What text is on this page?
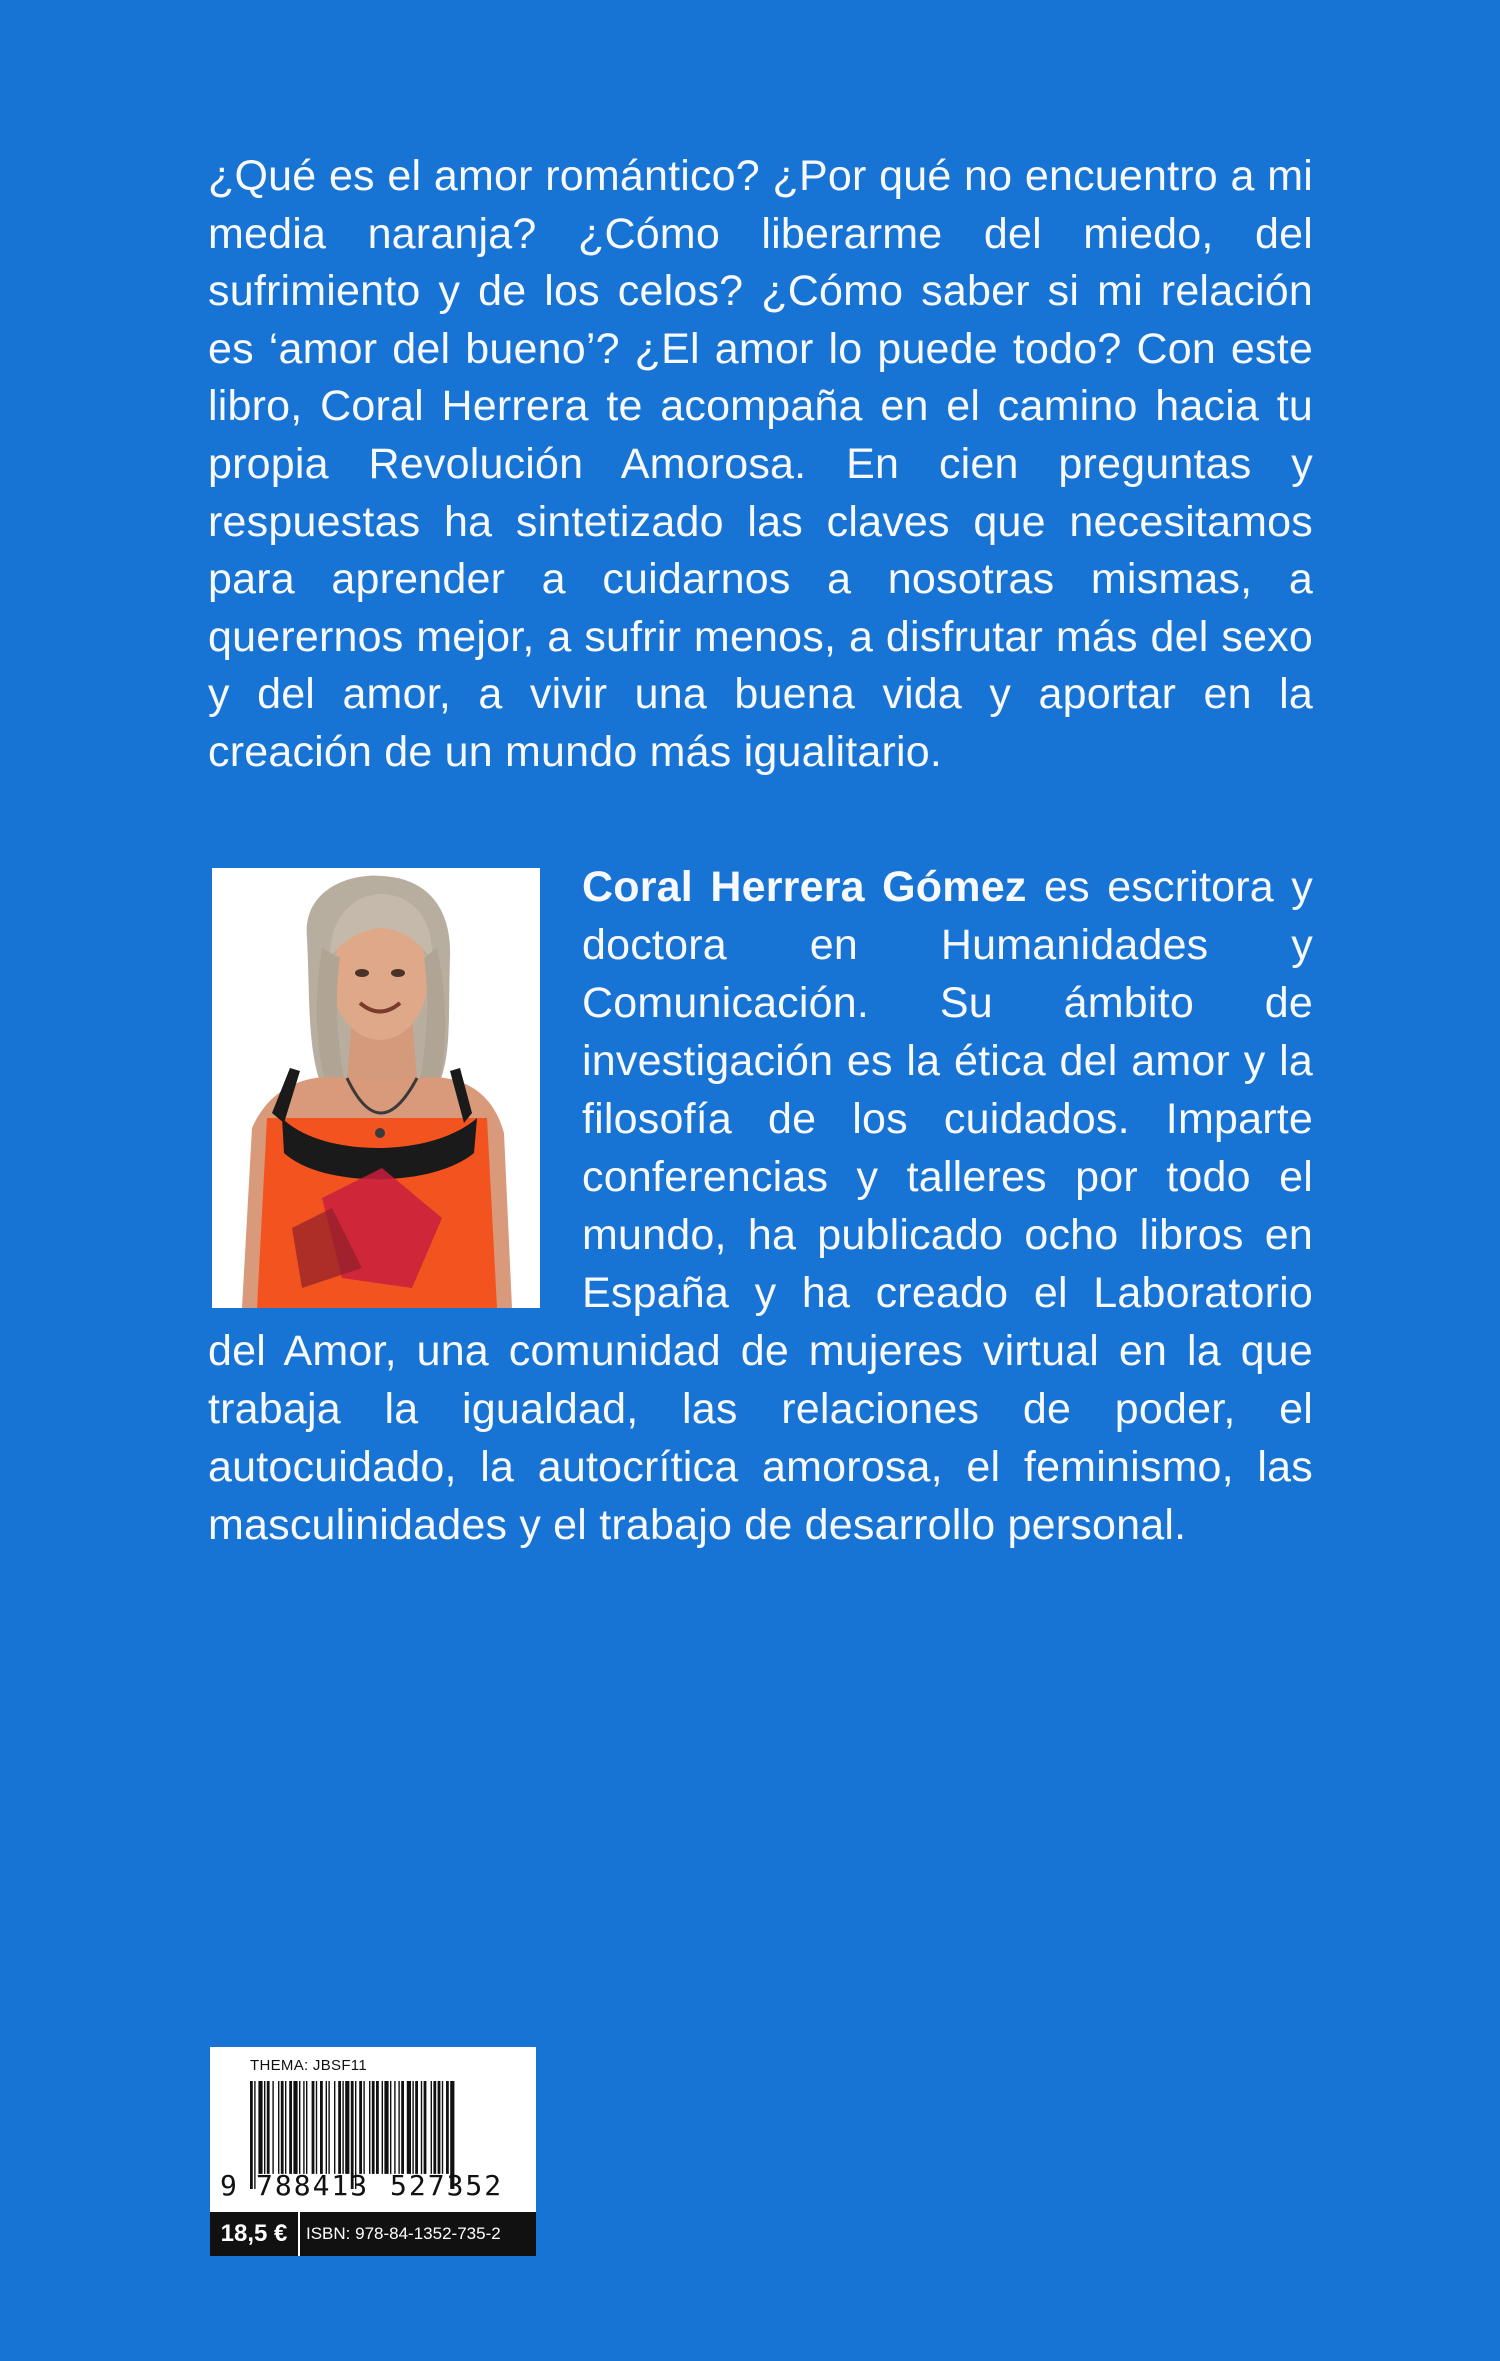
¿Qué es el amor romántico? ¿Por qué no encuentro a mi media naranja? ¿Cómo liberarme del miedo, del sufrimiento y de los celos? ¿Cómo saber si mi relación es ‘amor del bueno’? ¿El amor lo puede todo? Con este libro, Coral Herrera te acompaña en el camino hacia tu propia Revolución Amorosa. En cien preguntas y respuestas ha sintetizado las claves que necesitamos para aprender a cuidarnos a nosotras mismas, a querernos mejor, a sufrir menos, a disfrutar más del sexo y del amor, a vivir una buena vida y aportar en la creación de un mundo más igualitario.

Coral Herrera Gómez es escritora y doctora en Humanidades y Comunicación. Su ámbito de investigación es la ética del amor y la filosofía de los cuidados. Imparte conferencias y talleres por todo el mundo, ha publicado ocho libros en España y ha creado el Laboratorio del Amor, una comunidad de mujeres virtual en la que trabaja la igualdad, las relaciones de poder, el autocuidado, la autocrítica amorosa, el feminismo, las masculinidades y el trabajo de desarrollo personal.
THEMA: JBSF11
9 788413 527352
18,5 €	ISBN: 978-84-1352-735-2
